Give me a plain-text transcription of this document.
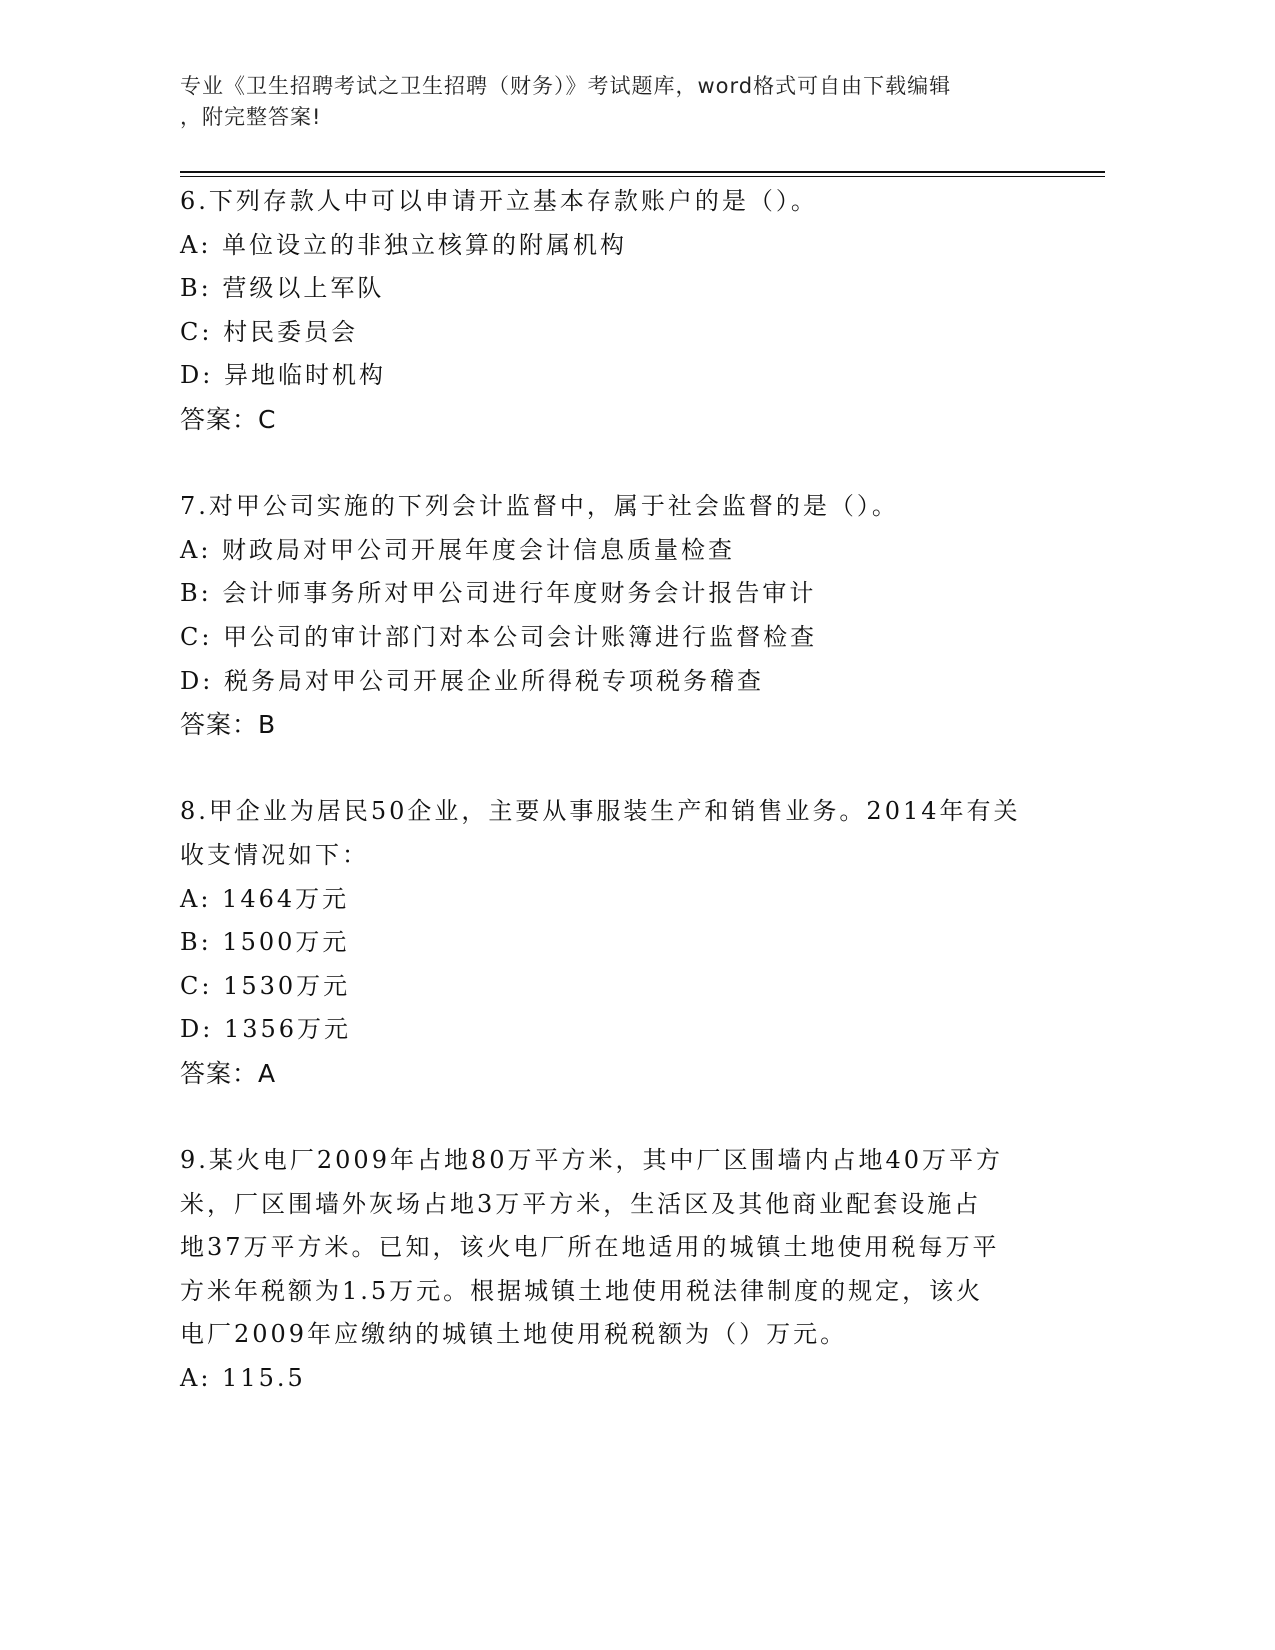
专业《卫生招聘考试之卫生招聘（财务）》考试题库，word格式可自由下载编辑
，附完整答案!
6.下列存款人中可以申请开立基本存款账户的是（）。
A: 单位设立的非独立核算的附属机构
B: 营级以上军队
C: 村民委员会
D: 异地临时机构
答案：C
7.对甲公司实施的下列会计监督中，属于社会监督的是（）。
A: 财政局对甲公司开展年度会计信息质量检查
B: 会计师事务所对甲公司进行年度财务会计报告审计
C: 甲公司的审计部门对本公司会计账簿进行监督检查
D: 税务局对甲公司开展企业所得税专项税务稽查
答案：B
8.甲企业为居民50企业，主要从事服装生产和销售业务。2014年有关
收支情况如下：
A: 1464万元
B: 1500万元
C: 1530万元
D: 1356万元
答案：A
9.某火电厂2009年占地80万平方米，其中厂区围墙内占地40万平方
米，厂区围墙外灰场占地3万平方米，生活区及其他商业配套设施占
地37万平方米。已知，该火电厂所在地适用的城镇土地使用税每万平
方米年税额为1.5万元。根据城镇土地使用税法律制度的规定，该火
电厂2009年应缴纳的城镇土地使用税税额为（）万元。
A: 115.5
